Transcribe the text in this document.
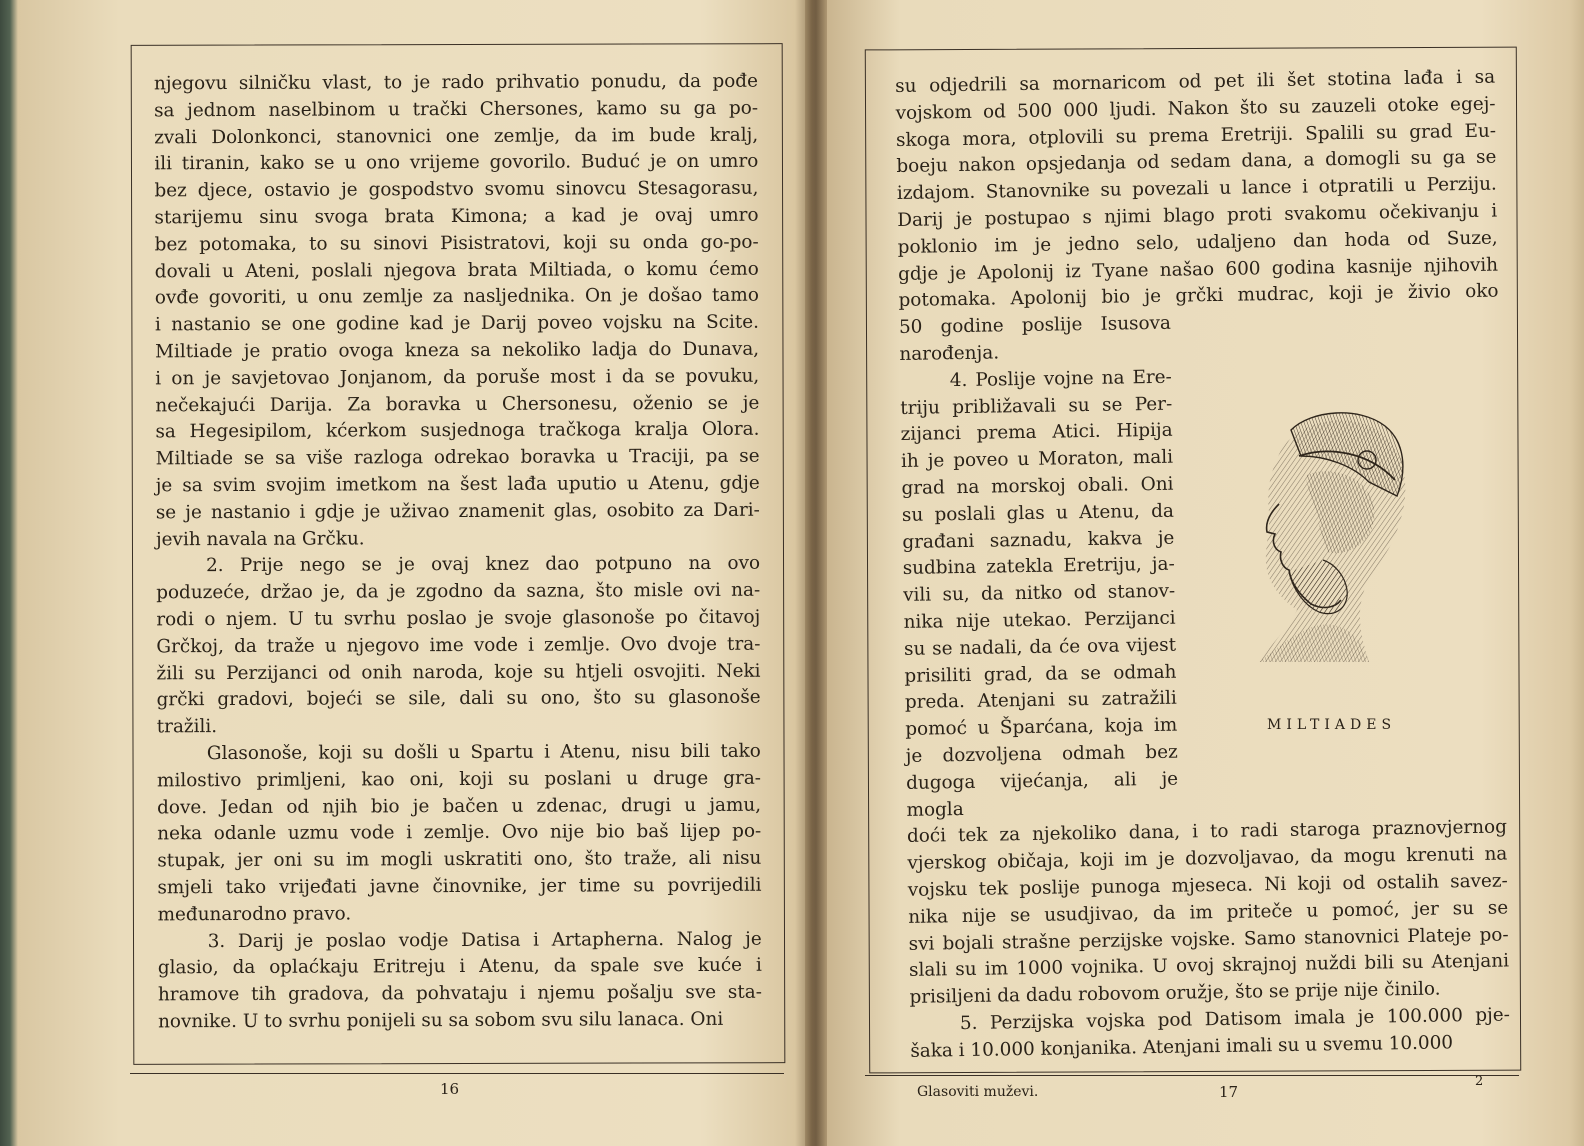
njegovu silničku vlast, to je rado prihvatio ponudu, da pođe
sa jednom naselbinom u tračkі Chersones, kamo su ga po-
zvali Dolonkonci, stanovnici one zemlje, da im bude kralj,
ili tiranin, kako se u ono vrijeme govorilo. Buduć je on umro
bez djece, ostavio je gospodstvo svomu sinovcu Stesagorasu,
starijemu sinu svoga brata Kimona; a kad je ovaj umro
bez potomaka, to su sinovi Pisistratovi, koji su onda go-po-
dovali u Ateni, poslali njegova brata Miltiada, o komu ćemo
ovđe govoriti, u onu zemlje za nasljednika. On je došao tamo
i nastanio se one godine kad je Darij poveo vojsku na Scite.
Miltiade je pratio ovoga kneza sa nekoliko ladja do Dunava,
i on je savjetovao Jonjanom, da poruše most i da se povuku,
nečekajući Darija. Za boravka u Chersonesu, oženio se je
sa Hegesipilom, kćerkom susjednoga tračkoga kralja Olora.
Miltiade se sa više razloga odrekao boravka u Traciji, pa se
je sa svim svojim imetkom na šest lađa uputio u Atenu, gdje
se je nastanio i gdje je uživao znamenit glas, osobito za Dari-
jevih navala na Grčku.
2. Prije nego se je ovaj knez dao potpuno na ovo
poduzeće, držao je, da je zgodno da sazna, što misle ovi na-
rodi o njem. U tu svrhu poslao je svoje glasonoše po čitavoj
Grčkoj, da traže u njegovo ime vode i zemlje. Ovo dvoje tra-
žili su Perzijanci od onih naroda, koje su htjeli osvojiti. Neki
grčki gradovi, bojeći se sile, dali su ono, što su glasonoše
tražili.
Glasonoše, koji su došli u Spartu i Atenu, nisu bili tako
milostivo primljeni, kao oni, koji su poslani u druge gra-
dove. Jedan od njih bio je bačen u zdenac, drugi u jamu,
neka odanle uzmu vode i zemlje. Ovo nije bio baš lijep po-
stupak, jer oni su im mogli uskratiti ono, što traže, ali nisu
smjeli tako vrijeđati javne činovnike, jer time su povrijedili
međunarodno pravo.
3. Darij je poslao vodje Datisa i Artapherna. Nalog je
glasio, da oplaćkaju Eritreju i Atenu, da spale sve kuće i
hramove tih gradova, da pohvataju i njemu pošalju sve sta-
novnike. U to svrhu ponijeli su sa sobom svu silu lanaca. Oni
16
su odjedrili sa mornaricom od pet ili šet stotina lađa i sa
vojskom od 500 000 ljudi. Nakon što su zauzeli otoke egej-
skoga mora, otplovili su prema Eretriji. Spalili su grad Eu-
boeju nakon opsjedanja od sedam dana, a domogli su ga se
izdajom. Stanovnike su povezali u lance i otpratili u Perziju.
Darij je postupao s njimi blago proti svakomu očekivanju i
poklonio im je jedno selo, udaljeno dan hoda od Suze,
gdje je Apolonij iz Tyane našao 600 godina kasnije njihovih
potomaka. Apolonij bio je grčki mudrac, koji je živio oko
50 godine poslije Isusova
narođenja.
4. Poslije vojne na Ere-
triju približavali su se Per-
zijanci prema Atici. Hipija
ih je poveo u Moraton, mali
grad na morskoj obali. Oni
su poslali glas u Atenu, da
građani saznadu, kakva je
sudbina zatekla Eretriju, ja-
vili su, da nitko od stanov-
nika nije utekao. Perzijanci
su se nadali, da će ova vijest
prisiliti grad, da se odmah
preda. Atenjani su zatražili
pomoć u Šparćana, koja im
je dozvoljena odmah bez
dugoga vijećanja, ali je mogla
doći tek za njekoliko dana, i to radi staroga praznovjernog
vjerskog običaja, koji im je dozvoljavao, da mogu krenuti na
vojsku tek poslije punoga mjeseca. Ni koji od ostalih savez-
nika nije se usudjivao, da im priteče u pomoć, jer su se
svi bojali strašne perzijske vojske. Samo stanovnici Plateje po-
slali su im 1000 vojnika. U ovoj skrajnoj nuždi bili su Atenjani
prisiljeni da dadu robovom oružje, što se prije nije činilo.
5. Perzijska vojska pod Datisom imala je 100.000 pje-
šaka i 10.000 konjanika. Atenjani imali su u svemu 10.000
MILTIADES
Glasoviti muževi.	17
2
